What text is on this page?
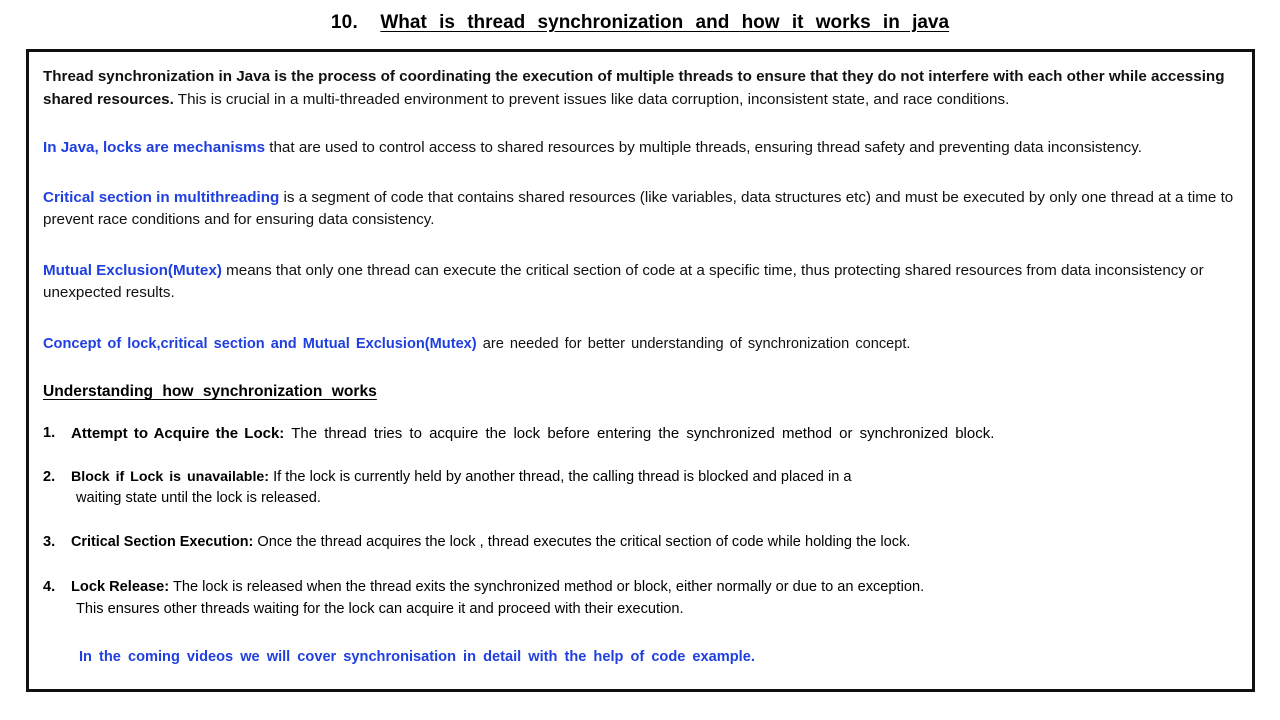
10. What is thread synchronization and how it works in java

Thread synchronization in Java is the process of coordinating the execution of multiple threads to ensure that they do not interfere with each other while accessing shared resources. This is crucial in a multi-threaded environment to prevent issues like data corruption, inconsistent state, and race conditions.

In Java, locks are mechanisms that are used to control access to shared resources by multiple threads, ensuring thread safety and preventing data inconsistency.

Critical section in multithreading is a segment of code that contains shared resources (like variables, data structures etc) and must be executed by only one thread at a time to prevent race conditions and for ensuring data consistency.

Mutual Exclusion(Mutex) means that only one thread can execute the critical section of code at a specific time, thus protecting shared resources from data inconsistency or unexpected results.

Concept of lock,critical section and Mutual Exclusion(Mutex) are needed for better understanding of synchronization concept.

Understanding how synchronization works
1. Attempt to Acquire the Lock: The thread tries to acquire the lock before entering the synchronized method or synchronized block.
2. Block if Lock is unavailable: If the lock is currently held by another thread, the calling thread is blocked and placed in a
waiting state until the lock is released.
3. Critical Section Execution: Once the thread acquires the lock , thread executes the critical section of code while holding the lock.
4. Lock Release: The lock is released when the thread exits the synchronized method or block, either normally or due to an exception.
This ensures other threads waiting for the lock can acquire it and proceed with their execution.

In the coming videos we will cover synchronisation in detail with the help of code example.
